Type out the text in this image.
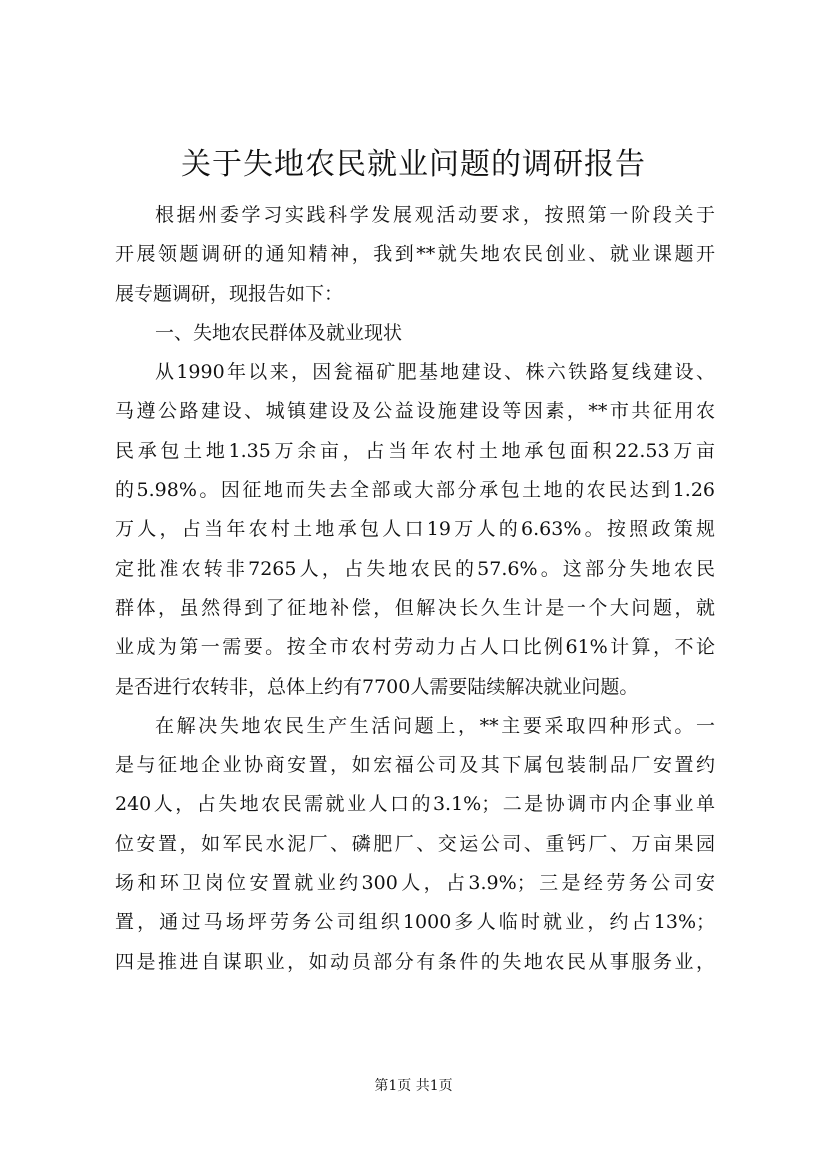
关于失地农民就业问题的调研报告
根据州委学习实践科学发展观活动要求，按照第一阶段关于
开展领题调研的通知精神，我到**就失地农民创业、就业课题开
展专题调研，现报告如下：
一、失地农民群体及就业现状
从1990年以来，因瓮福矿肥基地建设、株六铁路复线建设、
马遵公路建设、城镇建设及公益设施建设等因素，**市共征用农
民承包土地1.35万余亩，占当年农村土地承包面积22.53万亩
的5.98%。因征地而失去全部或大部分承包土地的农民达到1.26
万人，占当年农村土地承包人口19万人的6.63%。按照政策规
定批准农转非7265人，占失地农民的57.6%。这部分失地农民
群体，虽然得到了征地补偿，但解决长久生计是一个大问题，就
业成为第一需要。按全市农村劳动力占人口比例61%计算，不论
是否进行农转非，总体上约有7700人需要陆续解决就业问题。
在解决失地农民生产生活问题上，**主要采取四种形式。一
是与征地企业协商安置，如宏福公司及其下属包装制品厂安置约
240人，占失地农民需就业人口的3.1%；二是协调市内企事业单
位安置，如军民水泥厂、磷肥厂、交运公司、重钙厂、万亩果园
场和环卫岗位安置就业约300人，占3.9%；三是经劳务公司安
置，通过马场坪劳务公司组织1000多人临时就业，约占13%；
四是推进自谋职业，如动员部分有条件的失地农民从事服务业，
第1页 共1页
